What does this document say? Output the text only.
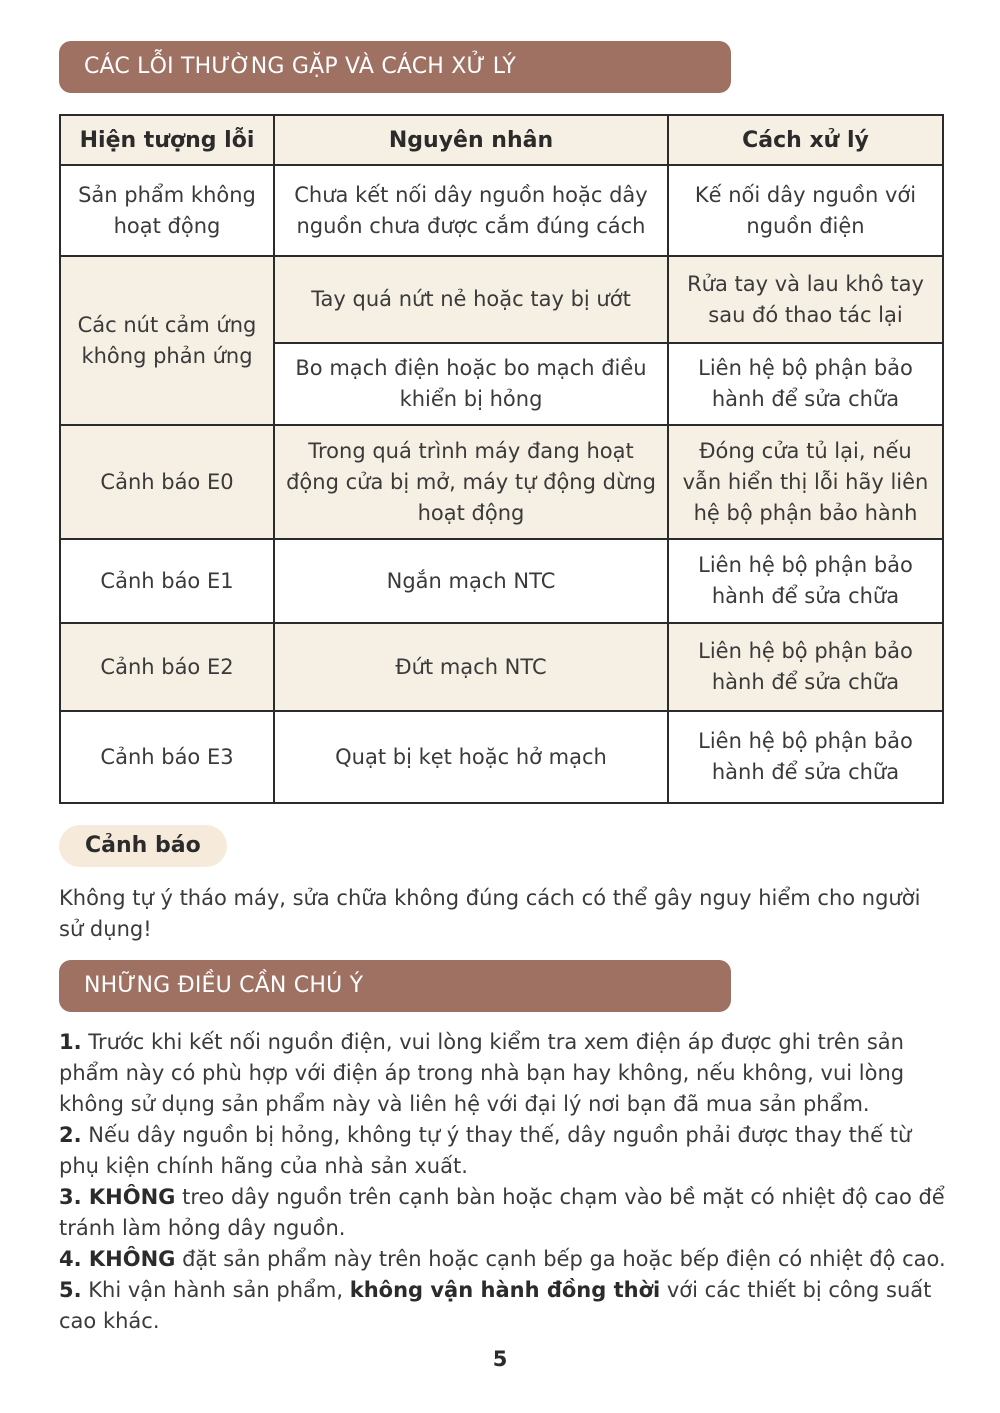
CÁC LỖI THƯỜNG GẶP VÀ CÁCH XỬ LÝ
Hiện tượng lỗi	Nguyên nhân	Cách xử lý
Sản phẩm không hoạt động	Chưa kết nối dây nguồn hoặc dây nguồn chưa được cắm đúng cách	Kế nối dây nguồn với nguồn điện
Các nút cảm ứng không phản ứng	Tay quá nứt nẻ hoặc tay bị ướt	Rửa tay và lau khô tay sau đó thao tác lại
	Bo mạch điện hoặc bo mạch điều khiển bị hỏng	Liên hệ bộ phận bảo hành để sửa chữa
Cảnh báo E0	Trong quá trình máy đang hoạt động cửa bị mở, máy tự động dừng hoạt động	Đóng cửa tủ lại, nếu vẫn hiển thị lỗi hãy liên hệ bộ phận bảo hành
Cảnh báo E1	Ngắn mạch NTC	Liên hệ bộ phận bảo hành để sửa chữa
Cảnh báo E2	Đứt mạch NTC	Liên hệ bộ phận bảo hành để sửa chữa
Cảnh báo E3	Quạt bị kẹt hoặc hở mạch	Liên hệ bộ phận bảo hành để sửa chữa
Cảnh báo

Không tự ý tháo máy, sửa chữa không đúng cách có thể gây nguy hiểm cho người sử dụng!

NHỮNG ĐIỀU CẦN CHÚ Ý

1. Trước khi kết nối nguồn điện, vui lòng kiểm tra xem điện áp được ghi trên sản phẩm này có phù hợp với điện áp trong nhà bạn hay không, nếu không, vui lòng không sử dụng sản phẩm này và liên hệ với đại lý nơi bạn đã mua sản phẩm.

2. Nếu dây nguồn bị hỏng, không tự ý thay thế, dây nguồn phải được thay thế từ phụ kiện chính hãng của nhà sản xuất.

3. KHÔNG treo dây nguồn trên cạnh bàn hoặc chạm vào bề mặt có nhiệt độ cao để tránh làm hỏng dây nguồn.

4. KHÔNG đặt sản phẩm này trên hoặc cạnh bếp ga hoặc bếp điện có nhiệt độ cao.

5. Khi vận hành sản phẩm, không vận hành đồng thời với các thiết bị công suất cao khác.

5
